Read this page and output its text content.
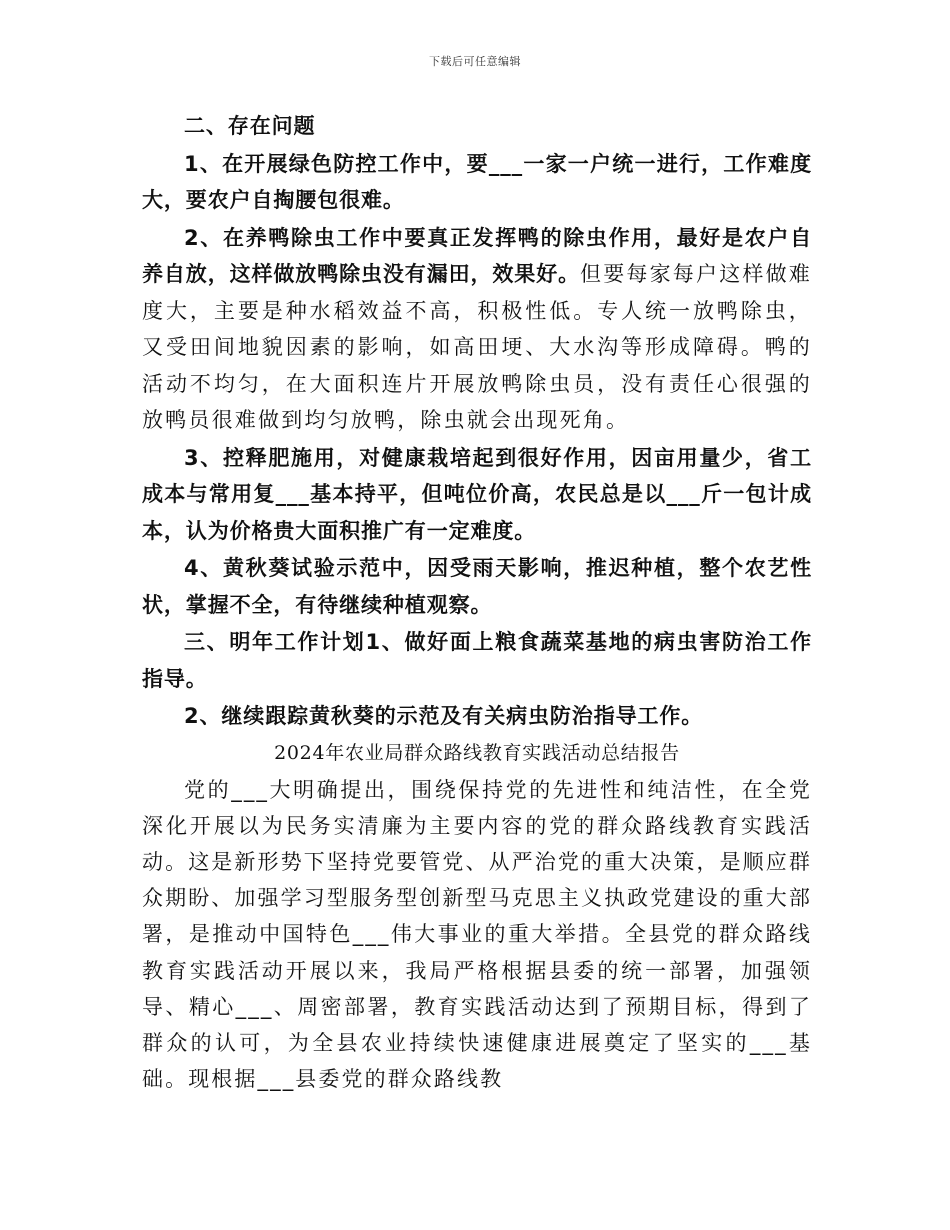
下载后可任意编辑

二、存在问题

1、在开展绿色防控工作中，要___一家一户统一进行，工作难度大，要农户自掏腰包很难。

2、在养鸭除虫工作中要真正发挥鸭的除虫作用，最好是农户自养自放，这样做放鸭除虫没有漏田，效果好。但要每家每户这样做难度大，主要是种水稻效益不高，积极性低。专人统一放鸭除虫，又受田间地貌因素的影响，如高田埂、大水沟等形成障碍。鸭的活动不均匀，在大面积连片开展放鸭除虫员，没有责任心很强的放鸭员很难做到均匀放鸭，除虫就会出现死角。

3、控释肥施用，对健康栽培起到很好作用，因亩用量少，省工成本与常用复___基本持平，但吨位价高，农民总是以___斤一包计成本，认为价格贵大面积推广有一定难度。

4、黄秋葵试验示范中，因受雨天影响，推迟种植，整个农艺性状，掌握不全，有待继续种植观察。

三、明年工作计划1、做好面上粮食蔬菜基地的病虫害防治工作指导。

2、继续跟踪黄秋葵的示范及有关病虫防治指导工作。

2024年农业局群众路线教育实践活动总结报告

党的___大明确提出，围绕保持党的先进性和纯洁性，在全党深化开展以为民务实清廉为主要内容的党的群众路线教育实践活动。这是新形势下坚持党要管党、从严治党的重大决策，是顺应群众期盼、加强学习型服务型创新型马克思主义执政党建设的重大部署，是推动中国特色___伟大事业的重大举措。全县党的群众路线教育实践活动开展以来，我局严格根据县委的统一部署，加强领导、精心___、周密部署，教育实践活动达到了预期目标，得到了群众的认可，为全县农业持续快速健康进展奠定了坚实的___基础。现根据___县委党的群众路线教
